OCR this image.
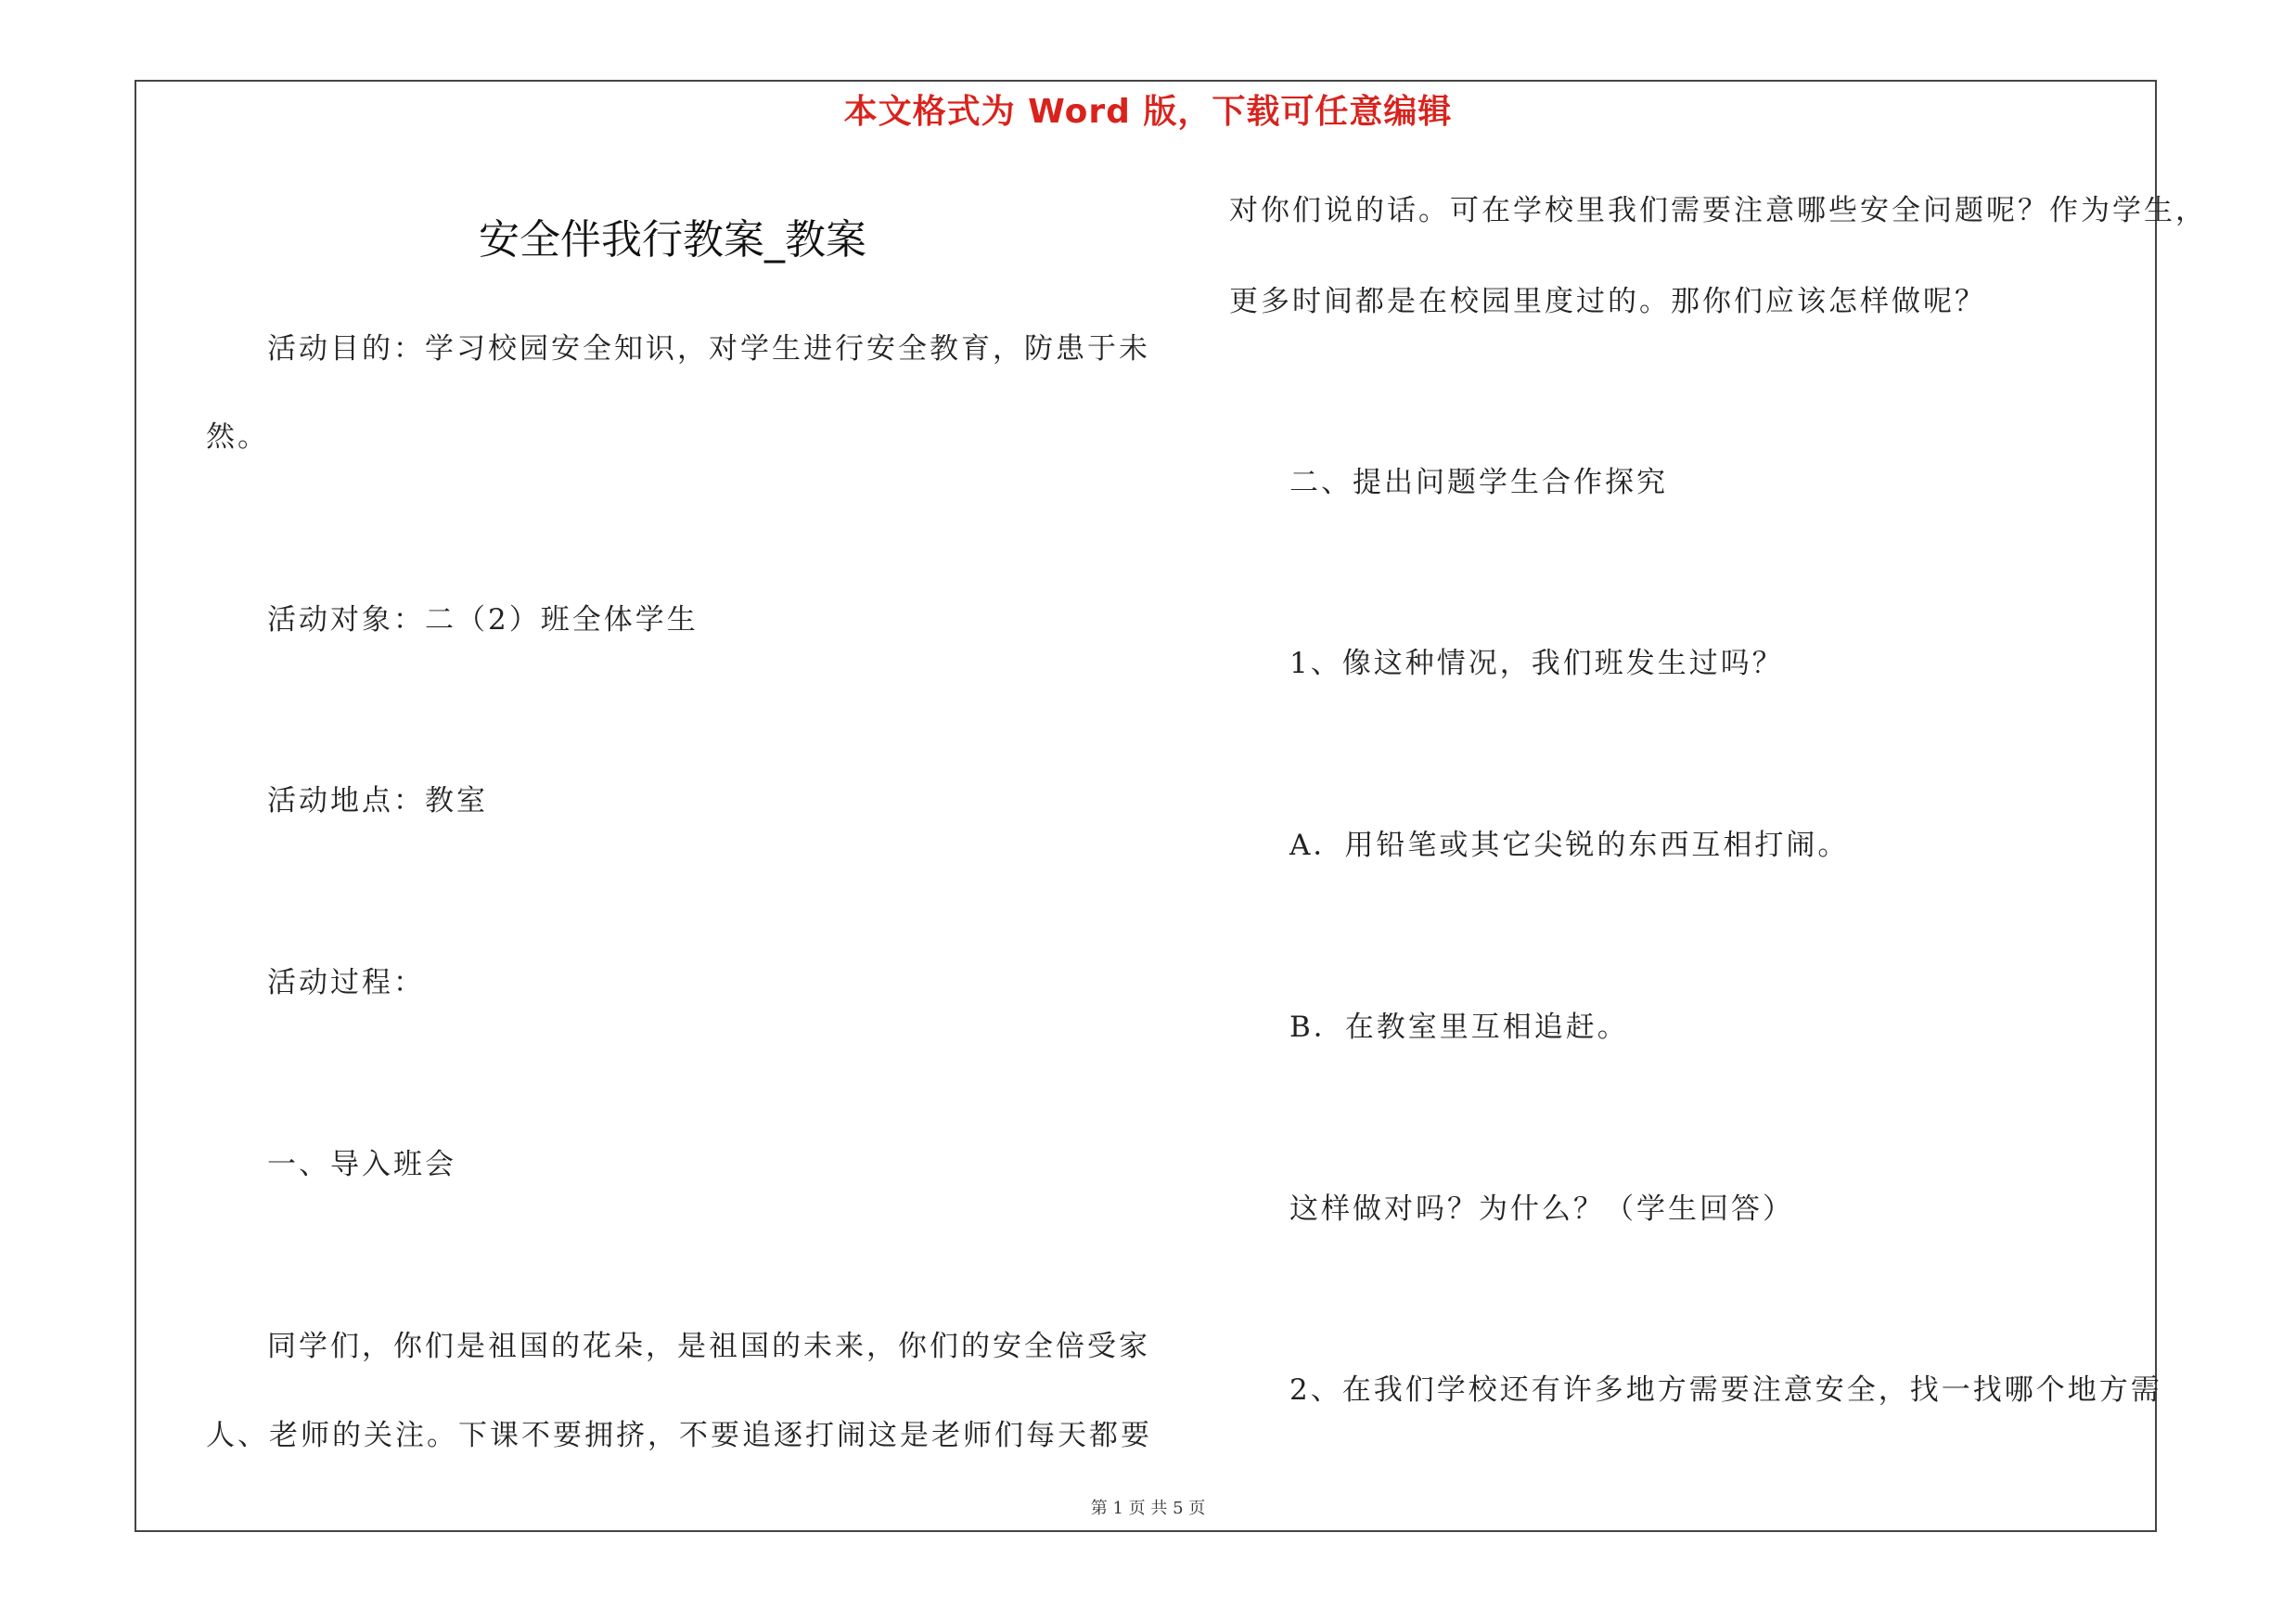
本文格式为 Word 版，下载可任意编辑
安全伴我行教案_教案
活动目的：学习校园安全知识，对学生进行安全教育，防患于未
然。
活动对象：二（2）班全体学生
活动地点：教室
活动过程：
一、导入班会
同学们，你们是祖国的花朵，是祖国的未来，你们的安全倍受家
人、老师的关注。下课不要拥挤，不要追逐打闹这是老师们每天都要
对你们说的话。可在学校里我们需要注意哪些安全问题呢？作为学生，
更多时间都是在校园里度过的。那你们应该怎样做呢？
二、提出问题学生合作探究
1、像这种情况，我们班发生过吗？
A．用铅笔或其它尖锐的东西互相打闹。
B．在教室里互相追赶。
这样做对吗？为什么？（学生回答）
2、在我们学校还有许多地方需要注意安全，找一找哪个地方需
第 1 页 共 5 页
